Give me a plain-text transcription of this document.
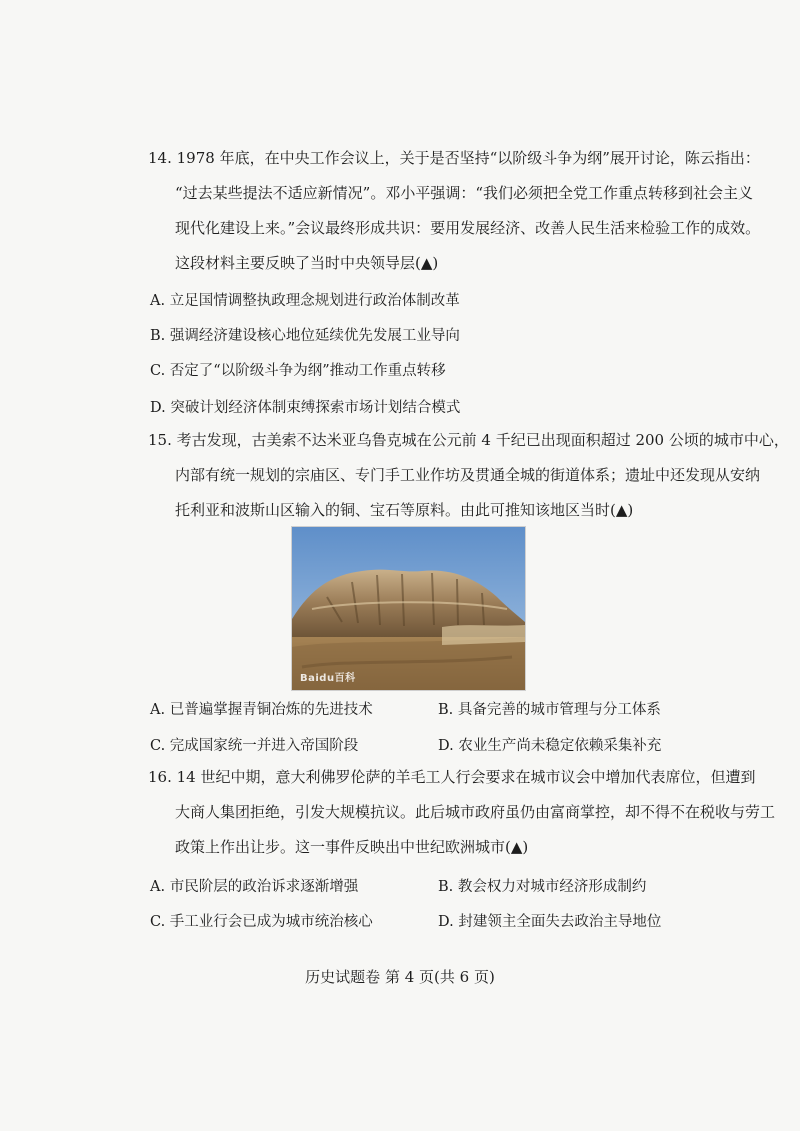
14. 1978 年底，在中央工作会议上，关于是否坚持“以阶级斗争为纲”展开讨论，陈云指出：
“过去某些提法不适应新情况”。邓小平强调：“我们必须把全党工作重点转移到社会主义
现代化建设上来。”会议最终形成共识：要用发展经济、改善人民生活来检验工作的成效。
这段材料主要反映了当时中央领导层(▲)
A. 立足国情调整执政理念规划进行政治体制改革
B. 强调经济建设核心地位延续优先发展工业导向
C. 否定了“以阶级斗争为纲”推动工作重点转移
D. 突破计划经济体制束缚探索市场计划结合模式
15. 考古发现，古美索不达米亚乌鲁克城在公元前 4 千纪已出现面积超过 200 公顷的城市中心，
内部有统一规划的宗庙区、专门手工业作坊及贯通全城的街道体系；遗址中还发现从安纳
托利亚和波斯山区输入的铜、宝石等原料。由此可推知该地区当时(▲)
Baidu百科
A. 已普遍掌握青铜冶炼的先进技术	B. 具备完善的城市管理与分工体系
C. 完成国家统一并进入帝国阶段	D. 农业生产尚未稳定依赖采集补充
16. 14 世纪中期，意大利佛罗伦萨的羊毛工人行会要求在城市议会中增加代表席位，但遭到
大商人集团拒绝，引发大规模抗议。此后城市政府虽仍由富商掌控，却不得不在税收与劳工
政策上作出让步。这一事件反映出中世纪欧洲城市(▲)
A. 市民阶层的政治诉求逐渐增强	B. 教会权力对城市经济形成制约
C. 手工业行会已成为城市统治核心	D. 封建领主全面失去政治主导地位
历史试题卷 第 4 页(共 6 页)
